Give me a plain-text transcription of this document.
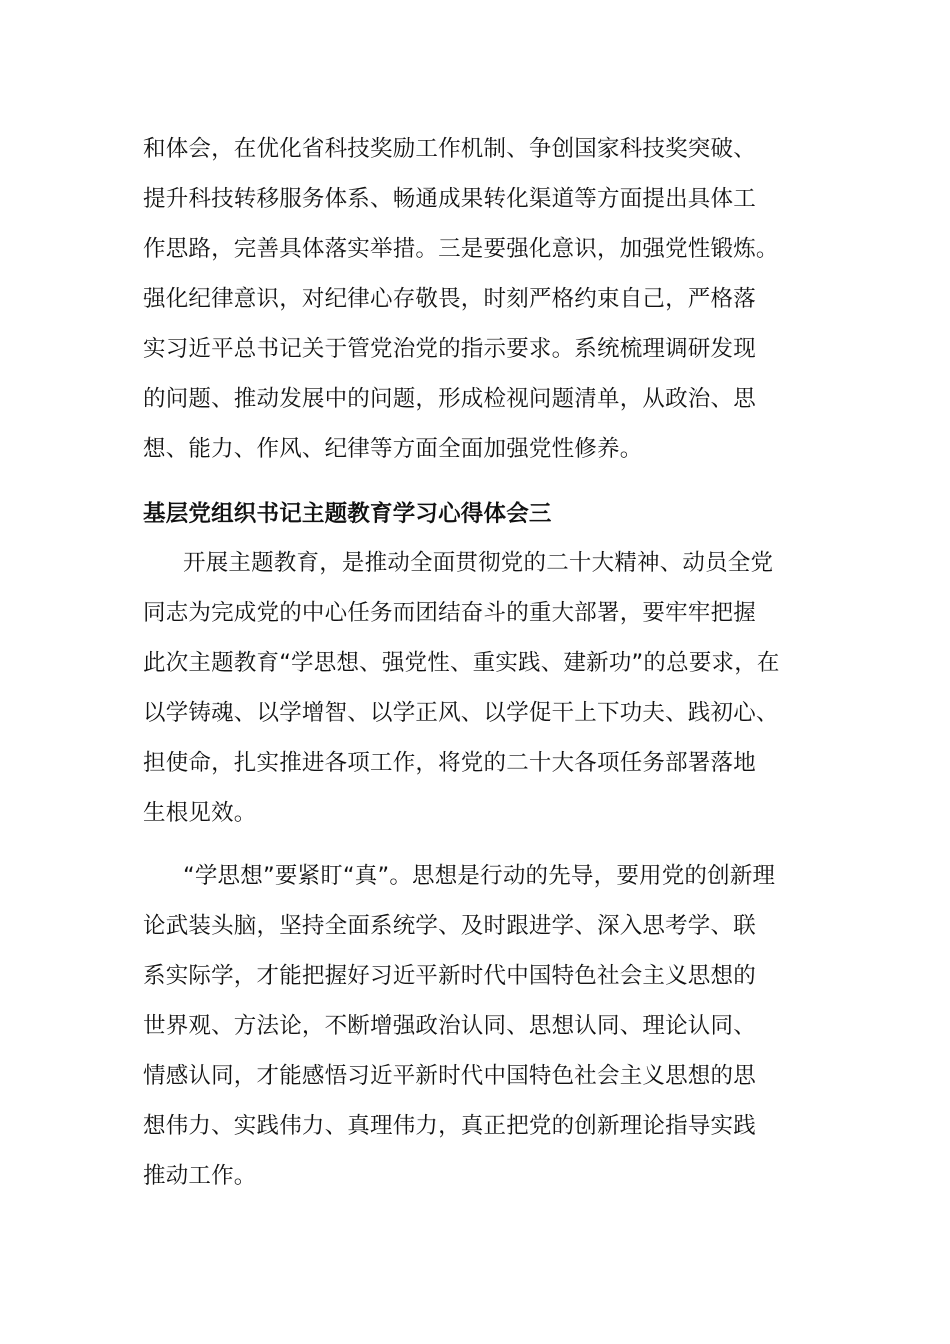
和体会，在优化省科技奖励工作机制、争创国家科技奖突破、
提升科技转移服务体系、畅通成果转化渠道等方面提出具体工
作思路，完善具体落实举措。三是要强化意识，加强党性锻炼。
强化纪律意识，对纪律心存敬畏，时刻严格约束自己，严格落
实习近平总书记关于管党治党的指示要求。系统梳理调研发现
的问题、推动发展中的问题，形成检视问题清单，从政治、思
想、能力、作风、纪律等方面全面加强党性修养。
基层党组织书记主题教育学习心得体会三
开展主题教育，是推动全面贯彻党的二十大精神、动员全党
同志为完成党的中心任务而团结奋斗的重大部署，要牢牢把握
此次主题教育“学思想、强党性、重实践、建新功”的总要求，在
以学铸魂、以学增智、以学正风、以学促干上下功夫、践初心、
担使命，扎实推进各项工作，将党的二十大各项任务部署落地
生根见效。
“学思想”要紧盯“真”。思想是行动的先导，要用党的创新理
论武装头脑，坚持全面系统学、及时跟进学、深入思考学、联
系实际学，才能把握好习近平新时代中国特色社会主义思想的
世界观、方法论，不断增强政治认同、思想认同、理论认同、
情感认同，才能感悟习近平新时代中国特色社会主义思想的思
想伟力、实践伟力、真理伟力，真正把党的创新理论指导实践
推动工作。
